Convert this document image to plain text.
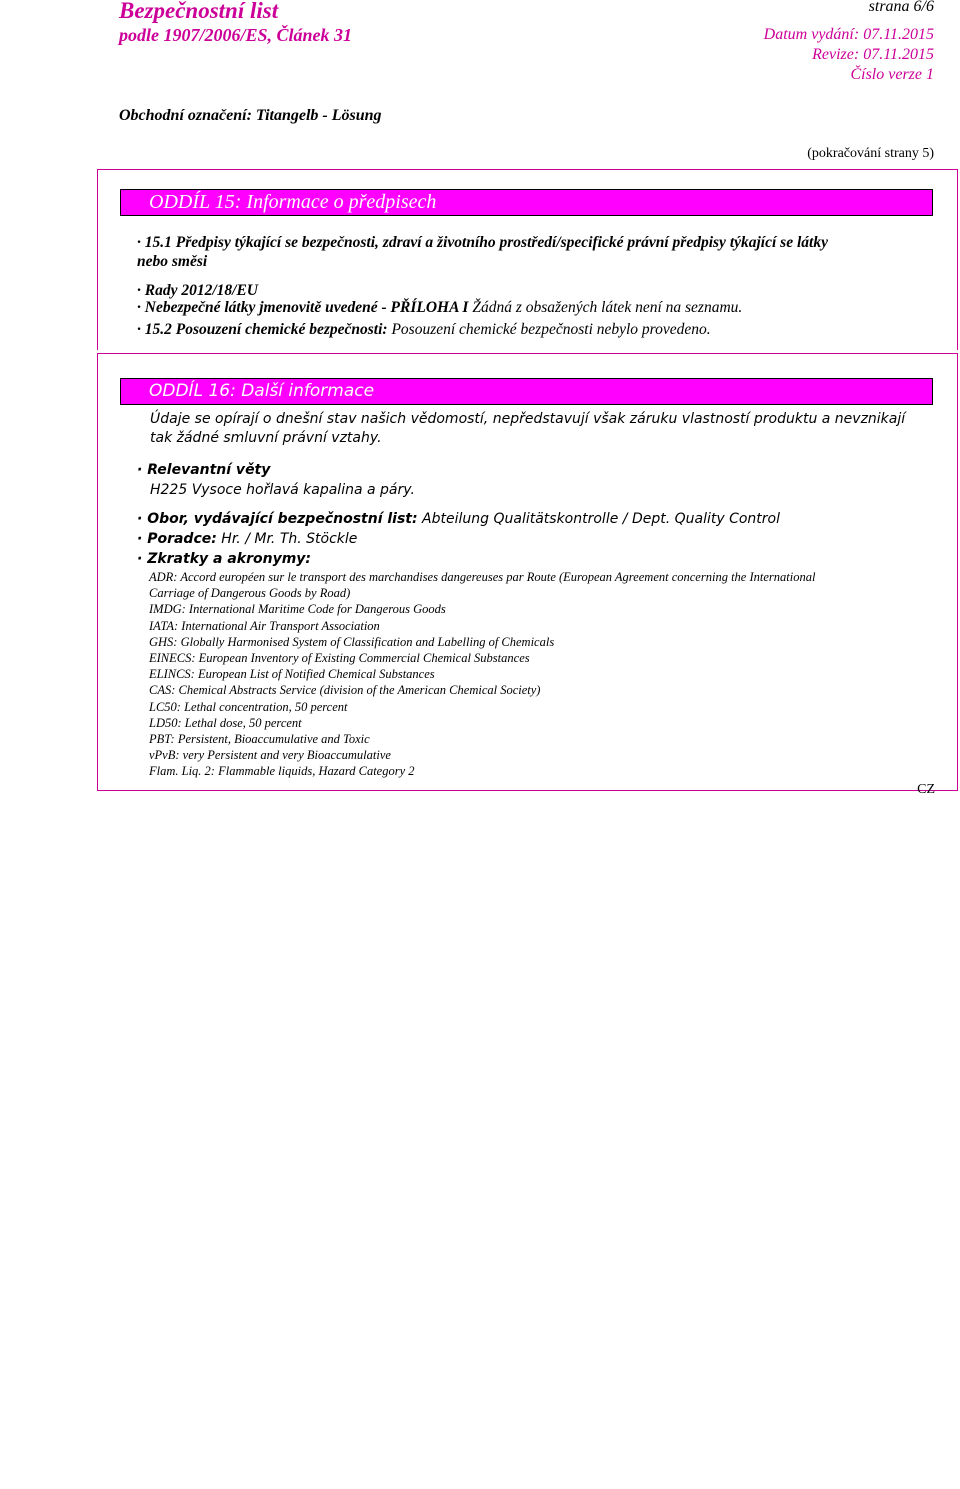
Bezpečnostní list
podle 1907/2006/ES, Článek 31
strana 6/6
Datum vydání: 07.11.2015
Revize: 07.11.2015
Číslo verze 1
Obchodní označení: Titangelb - Lösung
(pokračování strany 5)
ODDÍL 15: Informace o předpisech
· 15.1 Předpisy týkající se bezpečnosti, zdraví a životního prostředí/specifické právní předpisy týkající se látky
nebo směsi
· Rady 2012/18/EU
· Nebezpečné látky jmenovitě uvedené - PŘÍLOHA I Žádná z obsažených látek není na seznamu.
· 15.2 Posouzení chemické bezpečnosti: Posouzení chemické bezpečnosti nebylo provedeno.
ODDÍL 16: Další informace
Údaje se opírají o dnešní stav našich vědomostí, nepředstavují však záruku vlastností produktu a nevznikají
tak žádné smluvní právní vztahy.
· Relevantní věty
H225 Vysoce hořlavá kapalina a páry.
· Obor, vydávající bezpečnostní list: Abteilung Qualitätskontrolle / Dept. Quality Control
· Poradce: Hr. / Mr. Th. Stöckle
· Zkratky a akronymy:
ADR: Accord européen sur le transport des marchandises dangereuses par Route (European Agreement concerning the International
Carriage of Dangerous Goods by Road)
IMDG: International Maritime Code for Dangerous Goods
IATA: International Air Transport Association
GHS: Globally Harmonised System of Classification and Labelling of Chemicals
EINECS: European Inventory of Existing Commercial Chemical Substances
ELINCS: European List of Notified Chemical Substances
CAS: Chemical Abstracts Service (division of the American Chemical Society)
LC50: Lethal concentration, 50 percent
LD50: Lethal dose, 50 percent
PBT: Persistent, Bioaccumulative and Toxic
vPvB: very Persistent and very Bioaccumulative
Flam. Liq. 2: Flammable liquids, Hazard Category 2
CZ
